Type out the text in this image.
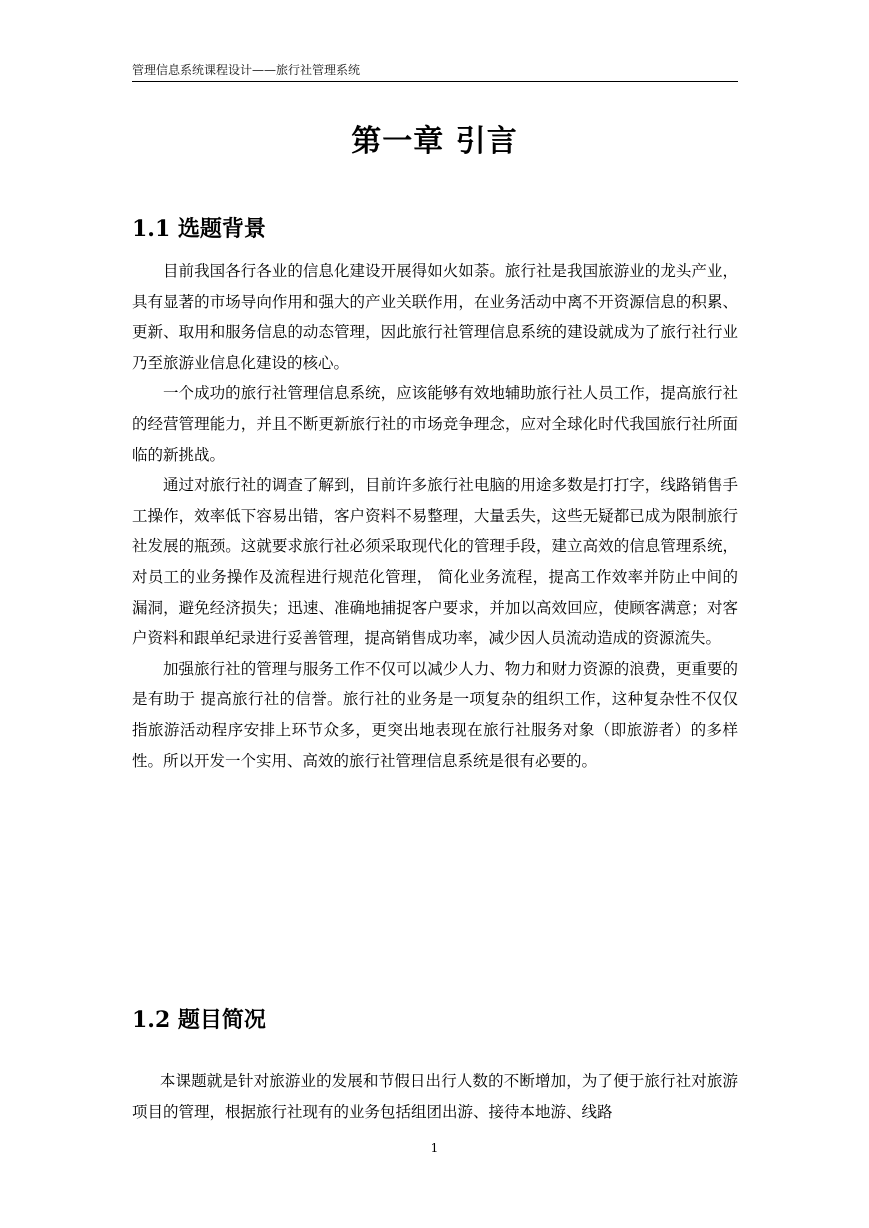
管理信息系统课程设计——旅行社管理系统
第一章 引言
1.1 选题背景

目前我国各行各业的信息化建设开展得如火如荼。旅行社是我国旅游业的龙头产业，具有显著的市场导向作用和强大的产业关联作用，在业务活动中离不开资源信息的积累、更新、取用和服务信息的动态管理，因此旅行社管理信息系统的建设就成为了旅行社行业乃至旅游业信息化建设的核心。

一个成功的旅行社管理信息系统，应该能够有效地辅助旅行社人员工作，提高旅行社的经营管理能力，并且不断更新旅行社的市场竞争理念，应对全球化时代我国旅行社所面临的新挑战。

通过对旅行社的调查了解到，目前许多旅行社电脑的用途多数是打打字，线路销售手工操作，效率低下容易出错，客户资料不易整理，大量丢失，这些无疑都已成为限制旅行社发展的瓶颈。这就要求旅行社必须采取现代化的管理手段，建立高效的信息管理系统，对员工的业务操作及流程进行规范化管理， 简化业务流程，提高工作效率并防止中间的漏洞，避免经济损失；迅速、准确地捕捉客户要求，并加以高效回应，使顾客满意；对客户资料和跟单纪录进行妥善管理，提高销售成功率，减少因人员流动造成的资源流失。

加强旅行社的管理与服务工作不仅可以减少人力、物力和财力资源的浪费，更重要的是有助于 提高旅行社的信誉。旅行社的业务是一项复杂的组织工作，这种复杂性不仅仅指旅游活动程序安排上环节众多，更突出地表现在旅行社服务对象（即旅游者）的多样性。所以开发一个实用、高效的旅行社管理信息系统是很有必要的。

1.2 题目简况

本课题就是针对旅游业的发展和节假日出行人数的不断增加，为了便于旅行社对旅游项目的管理，根据旅行社现有的业务包括组团出游、接待本地游、线路

1
